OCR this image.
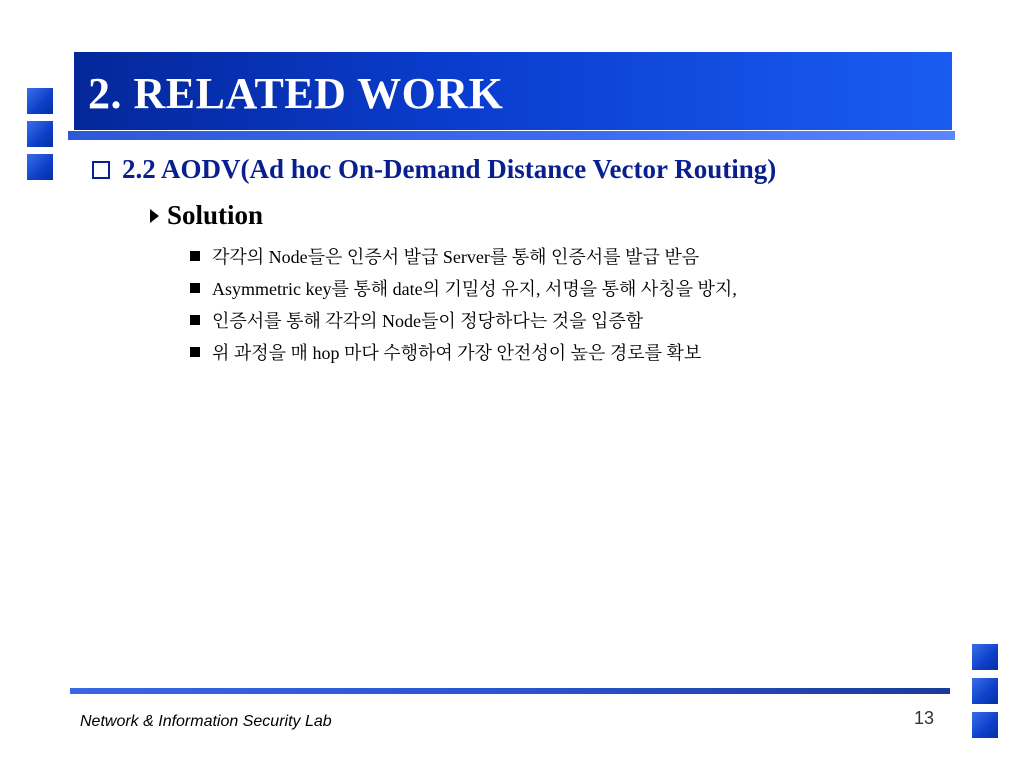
2. RELATED WORK
2.2 AODV(Ad hoc On-Demand Distance Vector Routing)
Solution
각각의 Node들은 인증서 발급 Server를 통해 인증서를 발급 받음
Asymmetric key를 통해 date의 기밀성 유지, 서명을 통해 사칭을 방지,
인증서를 통해 각각의 Node들이 정당하다는 것을 입증함
위 과정을 매 hop 마다 수행하여 가장 안전성이 높은 경로를 확보
Network & Information Security Lab	13
